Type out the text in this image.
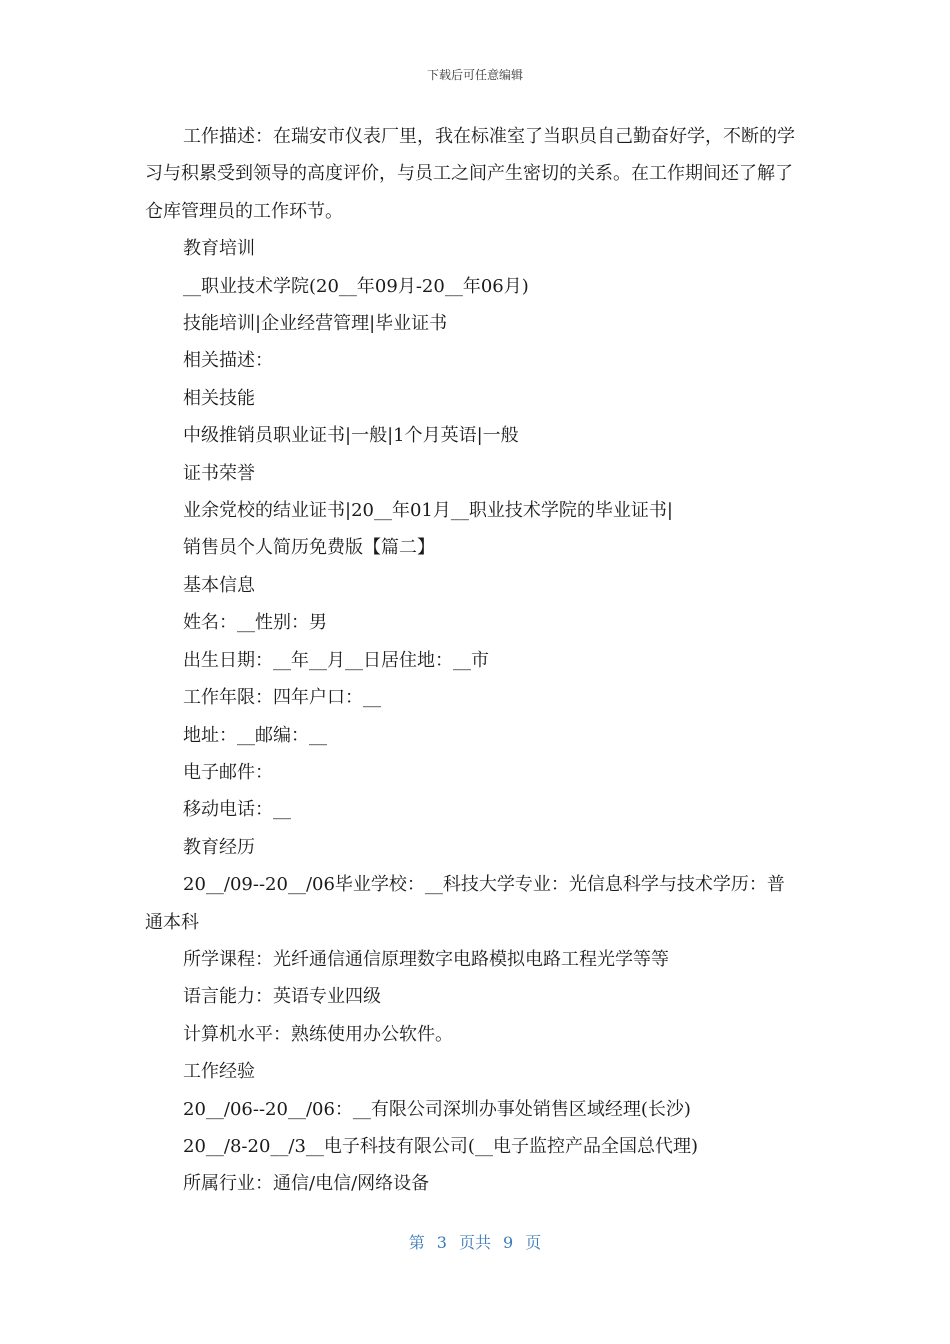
下载后可任意编辑

工作描述：在瑞安市仪表厂里，我在标准室了当职员自己勤奋好学，不断的学习与积累受到领导的高度评价，与员工之间产生密切的关系。在工作期间还了解了仓库管理员的工作环节。

教育培训

__职业技术学院(20__年09月-20__年06月)

技能培训|企业经营管理|毕业证书

相关描述：

相关技能

中级推销员职业证书|一般|1个月英语|一般

证书荣誉

业余党校的结业证书|20__年01月__职业技术学院的毕业证书|

销售员个人简历免费版【篇二】

基本信息

姓名：__性别：男

出生日期：__年__月__日居住地：__市

工作年限：四年户口：__

地址：__邮编：__

电子邮件：

移动电话：__

教育经历

20__/09--20__/06毕业学校：__科技大学专业：光信息科学与技术学历：普通本科

所学课程：光纤通信通信原理数字电路模拟电路工程光学等等

语言能力：英语专业四级

计算机水平：熟练使用办公软件。

工作经验

20__/06--20__/06：__有限公司深圳办事处销售区域经理(长沙)

20__/8-20__/3__电子科技有限公司(__电子监控产品全国总代理)

所属行业：通信/电信/网络设备

第 3 页共 9 页
